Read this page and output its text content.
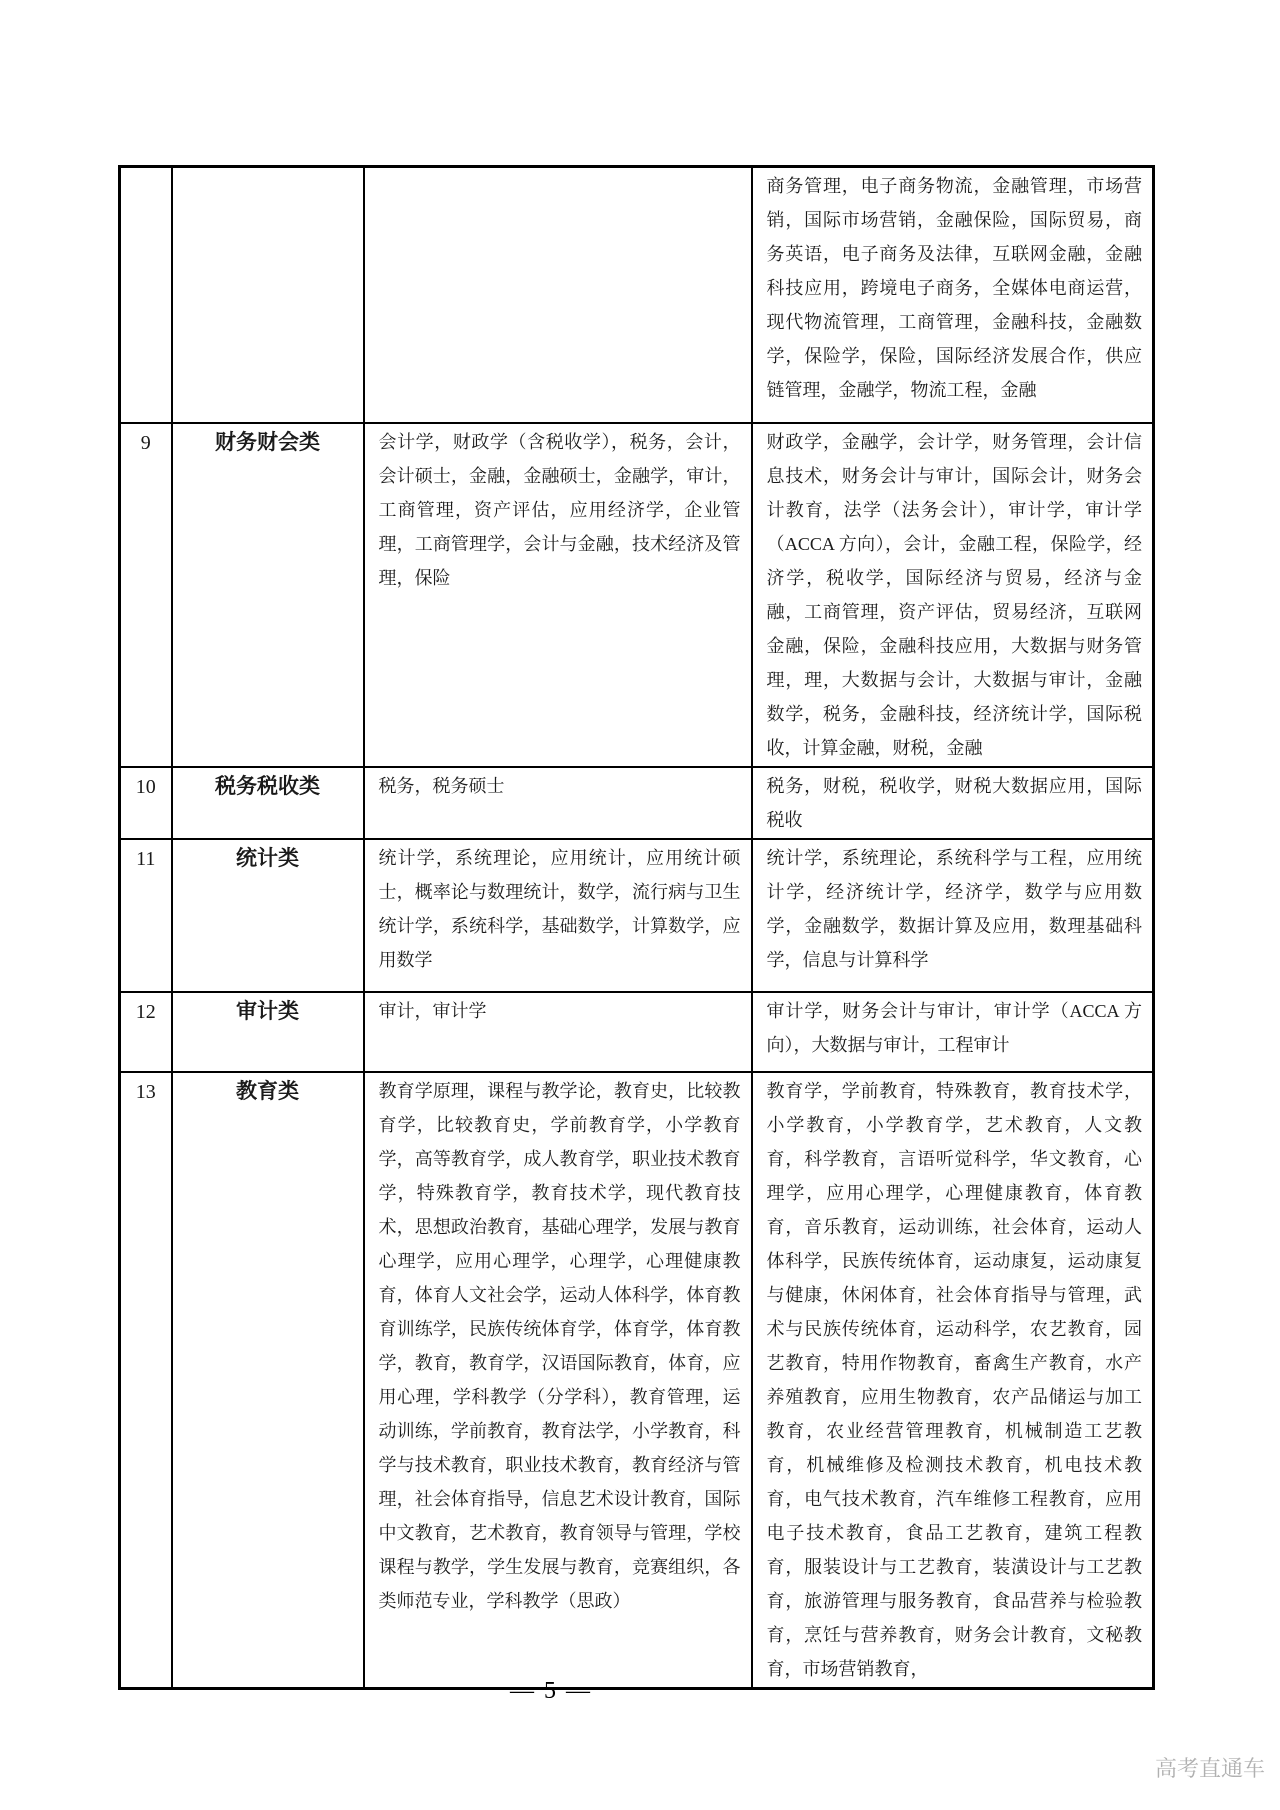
			商务管理，电子商务物流，金融管理，市场营销，国际市场营销，金融保险，国际贸易，商务英语，电子商务及法律，互联网金融，金融科技应用，跨境电子商务，全媒体电商运营，现代物流管理，工商管理，金融科技，金融数学，保险学，保险，国际经济发展合作，供应链管理，金融学，物流工程，金融
9	财务财会类	会计学，财政学（含税收学），税务，会计，会计硕士，金融，金融硕士，金融学，审计，工商管理，资产评估，应用经济学，企业管理，工商管理学，会计与金融，技术经济及管理，保险	财政学，金融学，会计学，财务管理，会计信息技术，财务会计与审计，国际会计，财务会计教育，法学（法务会计），审计学，审计学（ACCA 方向），会计，金融工程，保险学，经济学，税收学，国际经济与贸易，经济与金融，工商管理，资产评估，贸易经济，互联网金融，保险，金融科技应用，大数据与财务管理，理，大数据与会计，大数据与审计，金融数学，税务，金融科技，经济统计学，国际税收，计算金融，财税，金融
10	税务税收类	税务，税务硕士	税务，财税，税收学，财税大数据应用，国际税收
11	统计类	统计学，系统理论，应用统计，应用统计硕士，概率论与数理统计，数学，流行病与卫生统计学，系统科学，基础数学，计算数学，应用数学	统计学，系统理论，系统科学与工程，应用统计学，经济统计学，经济学，数学与应用数学，金融数学，数据计算及应用，数理基础科学，信息与计算科学
12	审计类	审计，审计学	审计学，财务会计与审计，审计学（ACCA 方向），大数据与审计，工程审计
13	教育类	教育学原理，课程与教学论，教育史，比较教育学，比较教育史，学前教育学，小学教育学，高等教育学，成人教育学，职业技术教育学，特殊教育学，教育技术学，现代教育技术，思想政治教育，基础心理学，发展与教育心理学，应用心理学，心理学，心理健康教育，体育人文社会学，运动人体科学，体育教育训练学，民族传统体育学，体育学，体育教学，教育，教育学，汉语国际教育，体育，应用心理，学科教学（分学科），教育管理，运动训练，学前教育，教育法学，小学教育，科学与技术教育，职业技术教育，教育经济与管理，社会体育指导，信息艺术设计教育，国际中文教育，艺术教育，教育领导与管理，学校课程与教学，学生发展与教育，竞赛组织，各类师范专业，学科教学（思政）	教育学，学前教育，特殊教育，教育技术学，小学教育，小学教育学，艺术教育，人文教育，科学教育，言语听觉科学，华文教育，心理学，应用心理学，心理健康教育，体育教育，音乐教育，运动训练，社会体育，运动人体科学，民族传统体育，运动康复，运动康复与健康，休闲体育，社会体育指导与管理，武术与民族传统体育，运动科学，农艺教育，园艺教育，特用作物教育，畜禽生产教育，水产养殖教育，应用生物教育，农产品储运与加工教育，农业经营管理教育，机械制造工艺教育，机械维修及检测技术教育，机电技术教育，电气技术教育，汽车维修工程教育，应用电子技术教育，食品工艺教育，建筑工程教育，服装设计与工艺教育，装潢设计与工艺教育，旅游管理与服务教育，食品营养与检验教育，烹饪与营养教育，财务会计教育，文秘教育，市场营销教育，
— 5 —
高考直通车
